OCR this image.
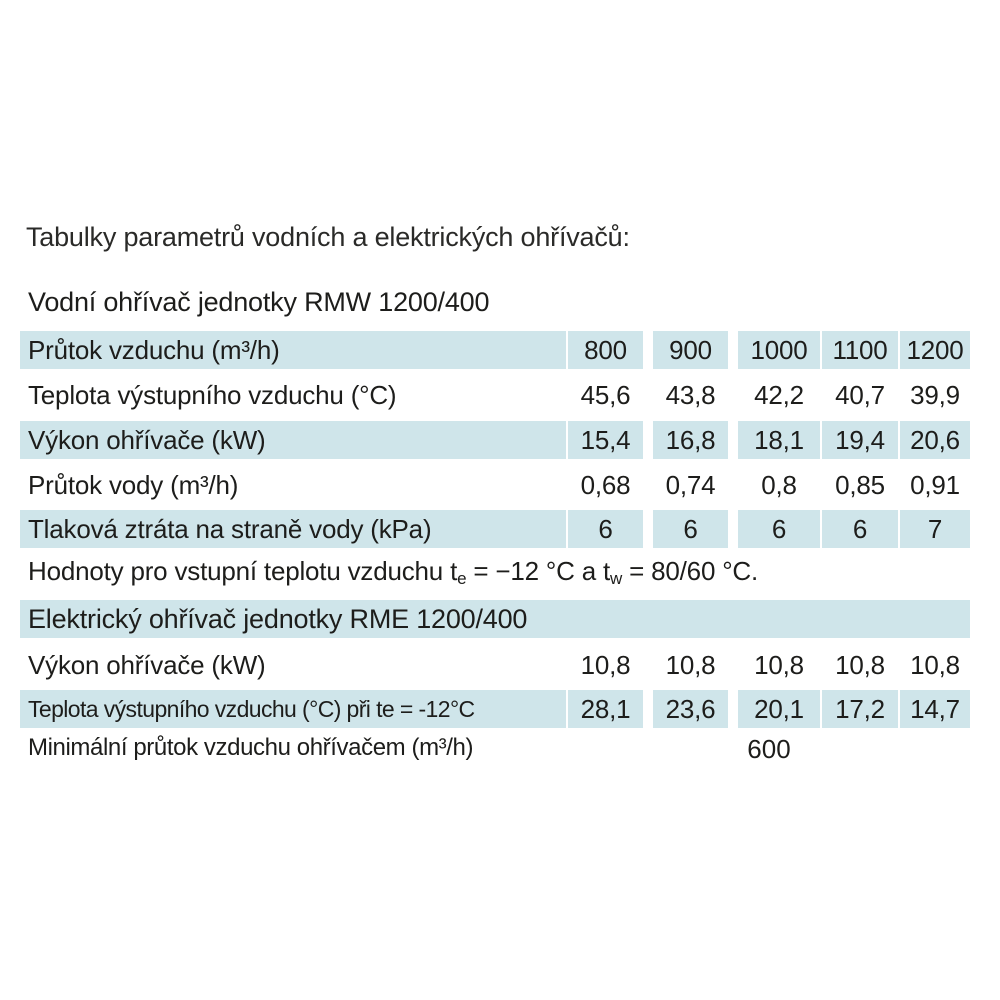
Tabulky parametrů vodních a elektrických ohřívačů:
Vodní ohřívač jednotky RMW 1200/400
Průtok vzduchu (m³/h)	800	900	1000 1100 1200
Teplota výstupního vzduchu (°C)	45,6	43,8	42,2	40,7 39,9
Výkon ohřívače (kW)	15,4	16,8	18,1	19,4 20,6
Průtok vody (m³/h)	0,68	0,74	0,8	0,85 0,91
Tlaková ztráta na straně vody (kPa)	6	6	6	6	7
Hodnoty pro vstupní teplotu vzduchu $t_e = -12$ °C a $t_w = 80/60$ °C.
Elektrický ohřívač jednotky RME 1200/400
Výkon ohřívače (kW)	10,8	10,8	10,8	10,8 10,8
Teplota výstupního vzduchu (°C) při te = -12°C	28,1	23,6	20,1	17,2 14,7
Minimální průtok vzduchu ohřívačem (m³/h)	600
